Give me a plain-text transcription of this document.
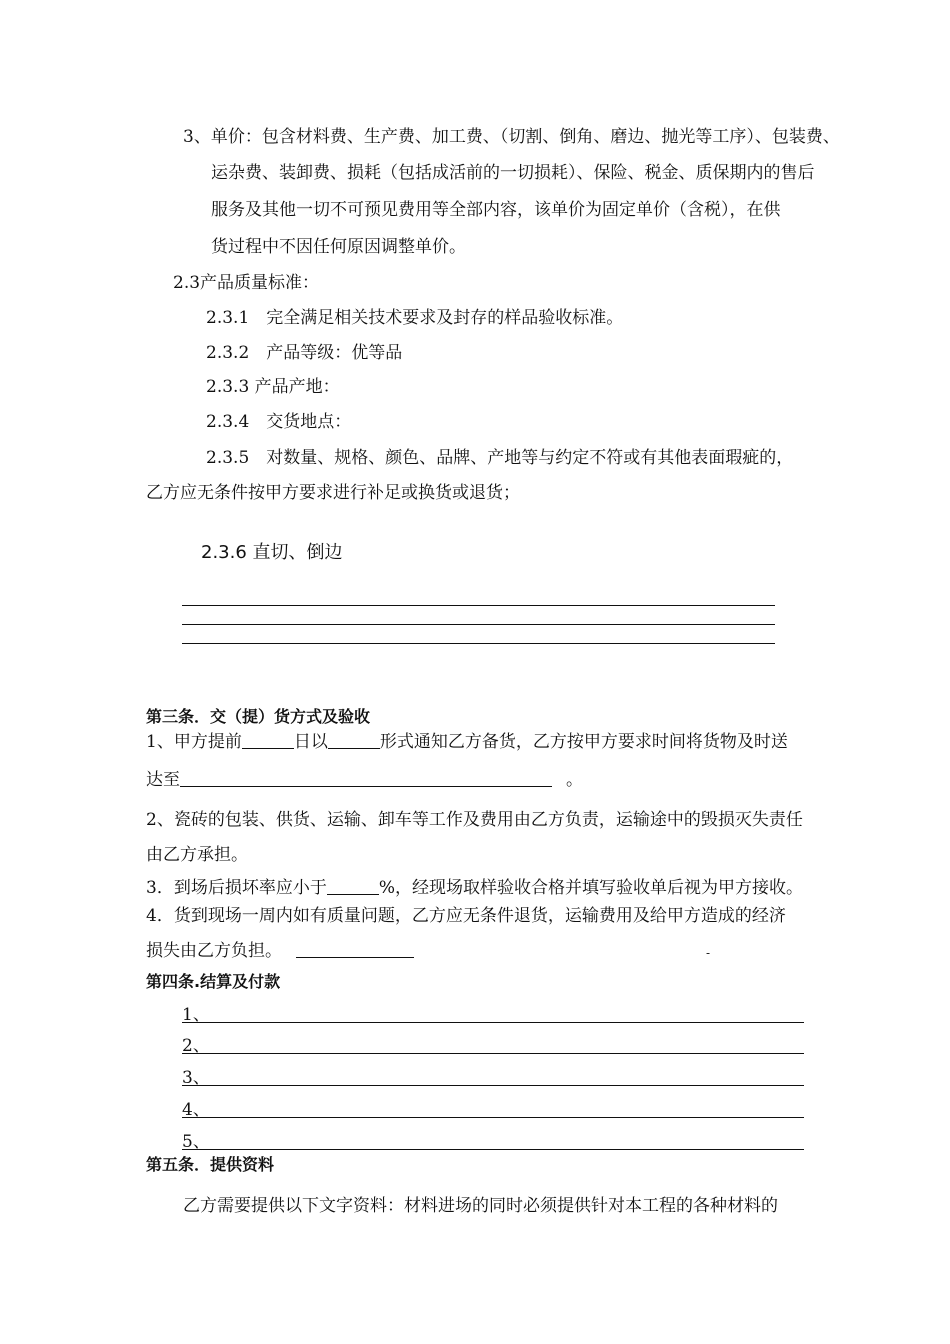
3、单价：包含材料费、生产费、加工费、（切割、倒角、磨边、抛光等工序）、包装费、
运杂费、装卸费、损耗（包括成活前的一切损耗）、保险、税金、质保期内的售后
服务及其他一切不可预见费用等全部内容，该单价为固定单价（含税），在供
货过程中不因任何原因调整单价。
2.3产品质量标准：
2.3.1　完全满足相关技术要求及封存的样品验收标准。
2.3.2　产品等级：优等品
2.3.3 产品产地：
2.3.4　交货地点：
2.3.5　对数量、规格、颜色、品牌、产地等与约定不符或有其他表面瑕疵的，
乙方应无条件按甲方要求进行补足或换货或退货；
2.3.6 直切、倒边
第三条．交（提）货方式及验收
1、甲方提前	日以	形式通知乙方备货，乙方按甲方要求时间将货物及时送
达至	。
2、瓷砖的包装、供货、运输、卸车等工作及费用由乙方负责，运输途中的毁损灭失责任
由乙方承担。
3．到场后损坏率应小于	%，经现场取样验收合格并填写验收单后视为甲方接收。
4．货到现场一周内如有质量问题，乙方应无条件退货，运输费用及给甲方造成的经济
损失由乙方负担。	-
第四条.结算及付款
1、
2、
3、
4、
5、
第五条．提供资料
乙方需要提供以下文字资料：材料进场的同时必须提供针对本工程的各种材料的
